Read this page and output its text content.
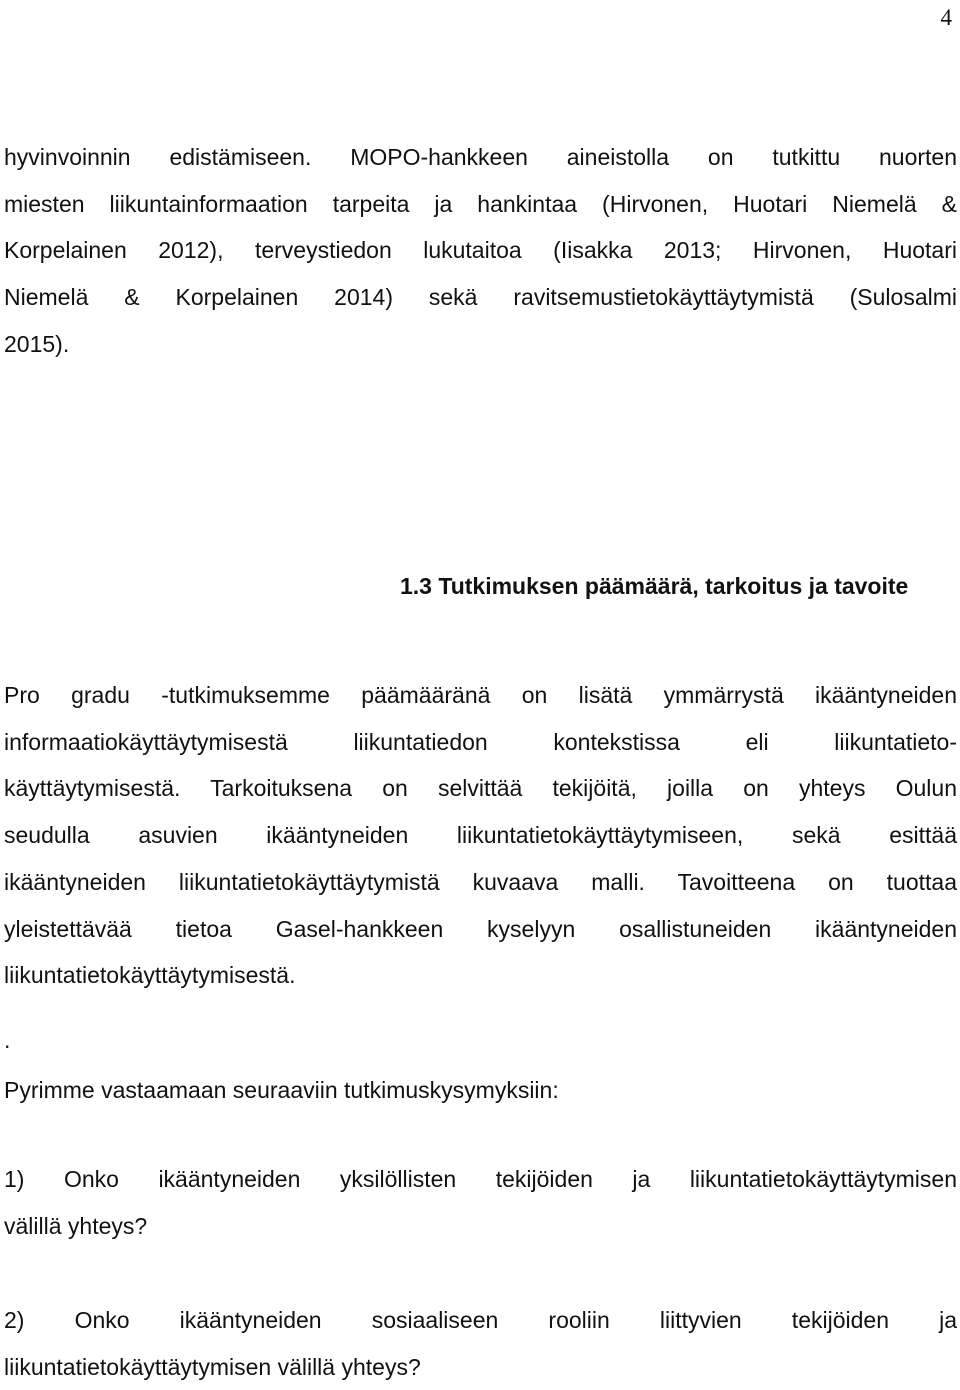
4

hyvinvoinnin edistämiseen. MOPO-hankkeen aineistolla on tutkittu nuorten
miesten liikuntainformaation tarpeita ja hankintaa (Hirvonen, Huotari Niemelä &
Korpelainen 2012), terveystiedon lukutaitoa (Iisakka 2013; Hirvonen, Huotari
Niemelä & Korpelainen 2014) sekä ravitsemustietokäyttäytymistä (Sulosalmi
2015).

1.3 Tutkimuksen päämäärä, tarkoitus ja tavoite

Pro gradu -tutkimuksemme päämääränä on lisätä ymmärrystä ikääntyneiden
informaatiokäyttäytymisestä liikuntatiedon kontekstissa eli liikuntatieto-
käyttäytymisestä. Tarkoituksena on selvittää tekijöitä, joilla on yhteys Oulun
seudulla asuvien ikääntyneiden liikuntatietokäyttäytymiseen, sekä esittää
ikääntyneiden liikuntatietokäyttäytymistä kuvaava malli. Tavoitteena on tuottaa
yleistettävää tietoa Gasel-hankkeen kyselyyn osallistuneiden ikääntyneiden
liikuntatietokäyttäytymisestä.

.

Pyrimme vastaamaan seuraaviin tutkimuskysymyksiin:

1) Onko ikääntyneiden yksilöllisten tekijöiden ja liikuntatietokäyttäytymisen
välillä yhteys?

2) Onko ikääntyneiden sosiaaliseen rooliin liittyvien tekijöiden ja
liikuntatietokäyttäytymisen välillä yhteys?
